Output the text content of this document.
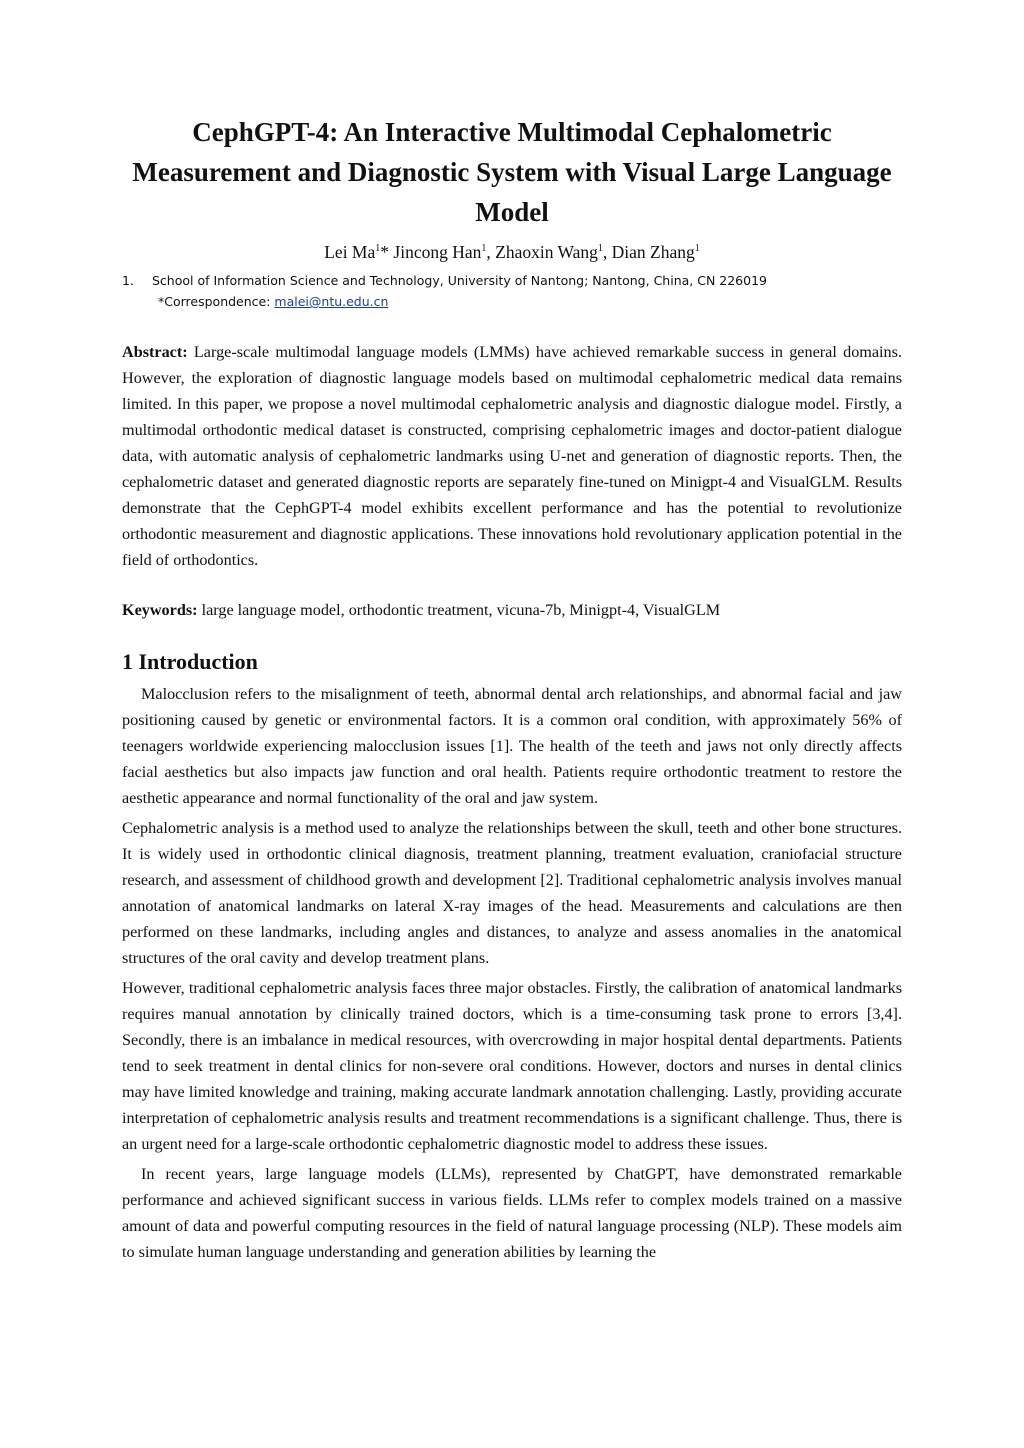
CephGPT-4: An Interactive Multimodal Cephalometric
Measurement and Diagnostic System with Visual Large Language
Model
Lei Ma$^1$* Jincong Han$^1$, Zhaoxin Wang$^1$, Dian Zhang$^1$
1. School of Information Science and Technology, University of Nantong; Nantong, China, CN 226019
*Correspondence: malei@ntu.edu.cn
Abstract: Large-scale multimodal language models (LMMs) have achieved remarkable success in general domains. However, the exploration of diagnostic language models based on multimodal cephalometric medical data remains limited. In this paper, we propose a novel multimodal cephalometric analysis and diagnostic dialogue model. Firstly, a multimodal orthodontic medical dataset is constructed, comprising cephalometric images and doctor-patient dialogue data, with automatic analysis of cephalometric landmarks using U-net and generation of diagnostic reports. Then, the cephalometric dataset and generated diagnostic reports are separately fine-tuned on Minigpt-4 and VisualGLM. Results demonstrate that the CephGPT-4 model exhibits excellent performance and has the potential to revolutionize orthodontic measurement and diagnostic applications. These innovations hold revolutionary application potential in the field of orthodontics.
Keywords: large language model, orthodontic treatment, vicuna-7b, Minigpt-4, VisualGLM
1 Introduction
Malocclusion refers to the misalignment of teeth, abnormal dental arch relationships, and abnormal facial and jaw positioning caused by genetic or environmental factors. It is a common oral condition, with approximately 56% of teenagers worldwide experiencing malocclusion issues [1]. The health of the teeth and jaws not only directly affects facial aesthetics but also impacts jaw function and oral health. Patients require orthodontic treatment to restore the aesthetic appearance and normal functionality of the oral and jaw system.
Cephalometric analysis is a method used to analyze the relationships between the skull, teeth and other bone structures. It is widely used in orthodontic clinical diagnosis, treatment planning, treatment evaluation, craniofacial structure research, and assessment of childhood growth and development [2]. Traditional cephalometric analysis involves manual annotation of anatomical landmarks on lateral X-ray images of the head. Measurements and calculations are then performed on these landmarks, including angles and distances, to analyze and assess anomalies in the anatomical structures of the oral cavity and develop treatment plans.
However, traditional cephalometric analysis faces three major obstacles. Firstly, the calibration of anatomical landmarks requires manual annotation by clinically trained doctors, which is a time-consuming task prone to errors [3,4]. Secondly, there is an imbalance in medical resources, with overcrowding in major hospital dental departments. Patients tend to seek treatment in dental clinics for non-severe oral conditions. However, doctors and nurses in dental clinics may have limited knowledge and training, making accurate landmark annotation challenging. Lastly, providing accurate interpretation of cephalometric analysis results and treatment recommendations is a significant challenge. Thus, there is an urgent need for a large-scale orthodontic cephalometric diagnostic model to address these issues.
In recent years, large language models (LLMs), represented by ChatGPT, have demonstrated remarkable performance and achieved significant success in various fields. LLMs refer to complex models trained on a massive amount of data and powerful computing resources in the field of natural language processing (NLP). These models aim to simulate human language understanding and generation abilities by learning the
